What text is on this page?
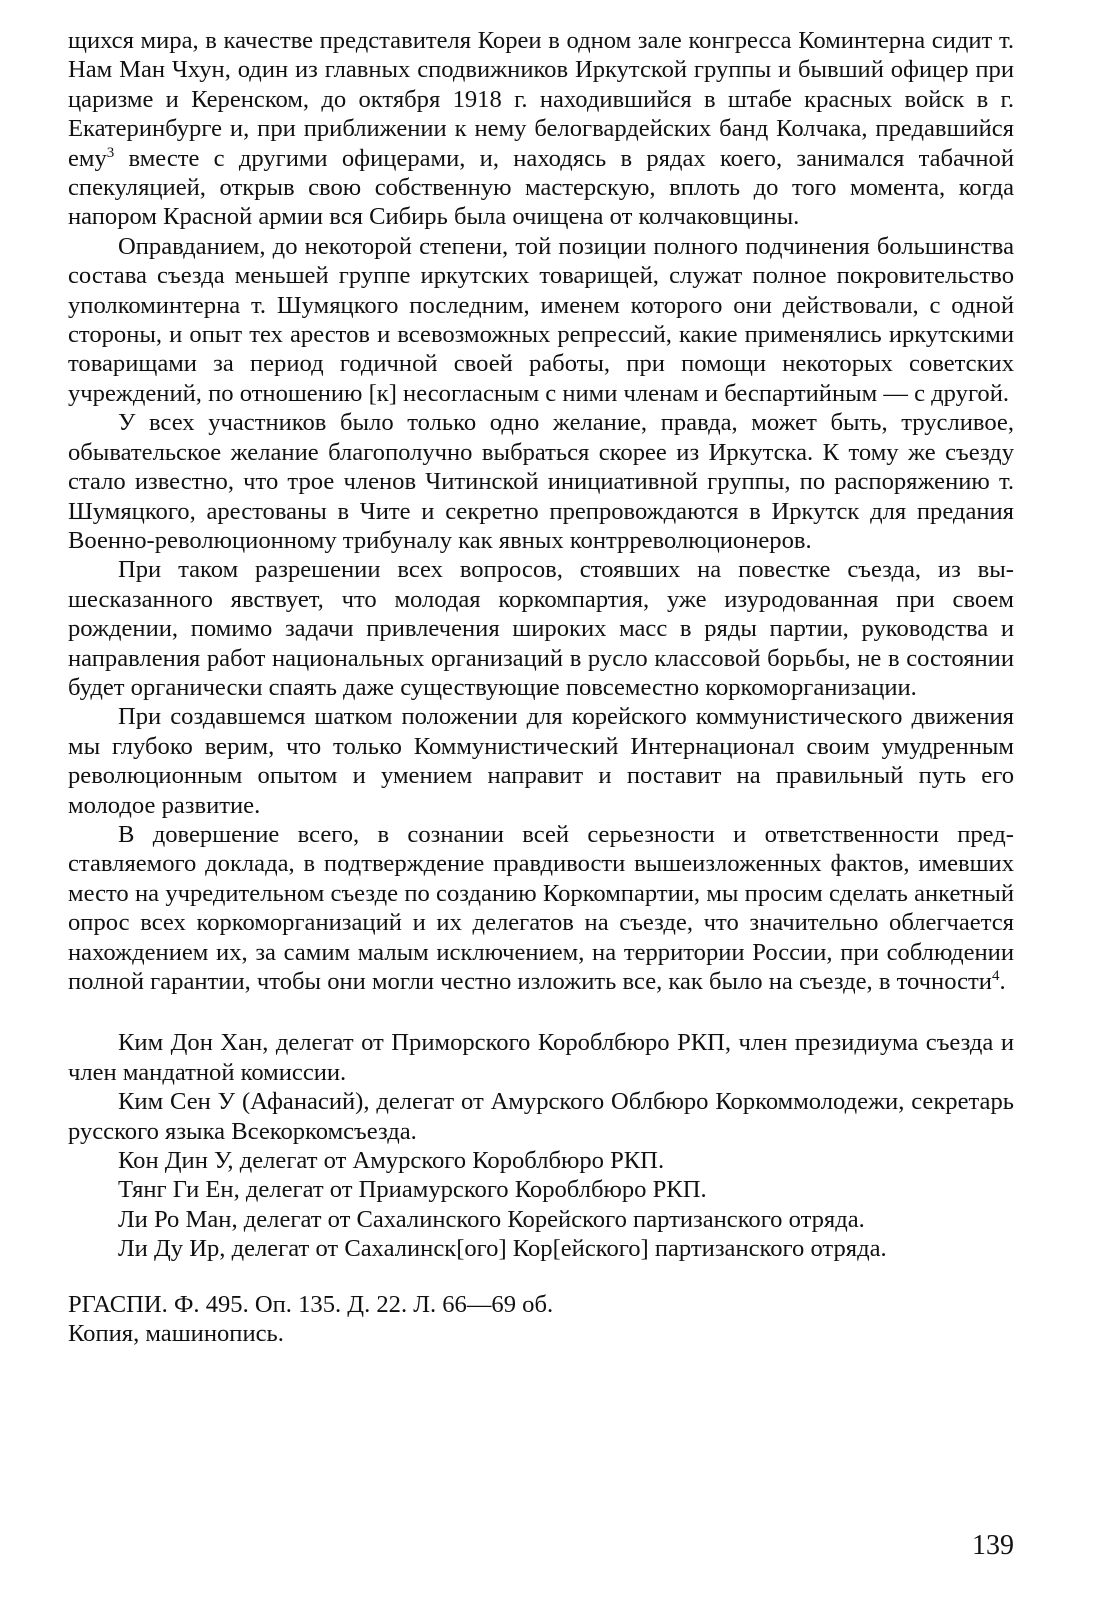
щихся мира, в качестве представителя Кореи в одном зале конгресса Коминтерна сидит т. Нам Ман Чхун, один из главных сподвижников Иркутской группы и бывший офицер при царизме и Керенском, до октября 1918 г. находившийся в штабе красных войск в г. Екатеринбурге и, при приближении к нему белогвардейских банд Колчака, предавшийся ему$^3$ вместе с другими офицерами, и, находясь в рядах коего, занимался табачной спекуляцией, открыв свою собственную мастерскую, вплоть до того момента, когда напором Красной армии вся Сибирь была очищена от колчаковщины.

Оправданием, до некоторой степени, той позиции полного подчинения большинства состава съезда меньшей группе иркутских товарищей, служат полное покровительство уполкоминтерна т. Шумяцкого последним, именем которого они действовали, с одной стороны, и опыт тех арестов и всевозможных репрессий, какие применялись иркутскими товарищами за период годичной своей работы, при помощи некоторых советских учреждений, по отношению [к] несогласным с ними членам и беспартийным — с другой.

У всех участников было только одно желание, правда, может быть, трусливое, обывательское желание благополучно выбраться скорее из Иркутска. К тому же съезду стало известно, что трое членов Читинской инициативной группы, по распоряжению т. Шумяцкого, арестованы в Чите и секретно препровождаются в Иркутск для предания Военно-революционному трибуналу как явных контрреволюционеров.

При таком разрешении всех вопросов, стоявших на повестке съезда, из вышесказанного явствует, что молодая коркомпартия, уже изуродованная при своем рождении, помимо задачи привлечения широких масс в ряды партии, руководства и направления работ национальных организаций в русло классовой борьбы, не в состоянии будет органически спаять даже существующие повсеместно коркоморганизации.

При создавшемся шатком положении для корейского коммунистического движения мы глубоко верим, что только Коммунистический Интернационал своим умудренным революционным опытом и умением направит и поставит на правильный путь его молодое развитие.

В довершение всего, в сознании всей серьезности и ответственности представляемого доклада, в подтверждение правдивости вышеизложенных фактов, имевших место на учредительном съезде по созданию Коркомпартии, мы просим сделать анкетный опрос всех коркоморганизаций и их делегатов на съезде, что значительно облегчается нахождением их, за самим малым исключением, на территории России, при соблюдении полной гарантии, чтобы они могли честно изложить все, как было на съезде, в точности$^4$.

Ким Дон Хан, делегат от Приморского Короблбюро РКП, член президиума съезда и член мандатной комиссии.

Ким Сен У (Афанасий), делегат от Амурского Облбюро Коркоммолодежи, секретарь русского языка Всекоркомсъезда.

Кон Дин У, делегат от Амурского Короблбюро РКП.

Тянг Ги Ен, делегат от Приамурского Короблбюро РКП.

Ли Ро Ман, делегат от Сахалинского Корейского партизанского отряда.

Ли Ду Ир, делегат от Сахалинск[ого] Кор[ейского] партизанского отряда.

РГАСПИ. Ф. 495. Оп. 135. Д. 22. Л. 66—69 об.

Копия, машинопись.

139
